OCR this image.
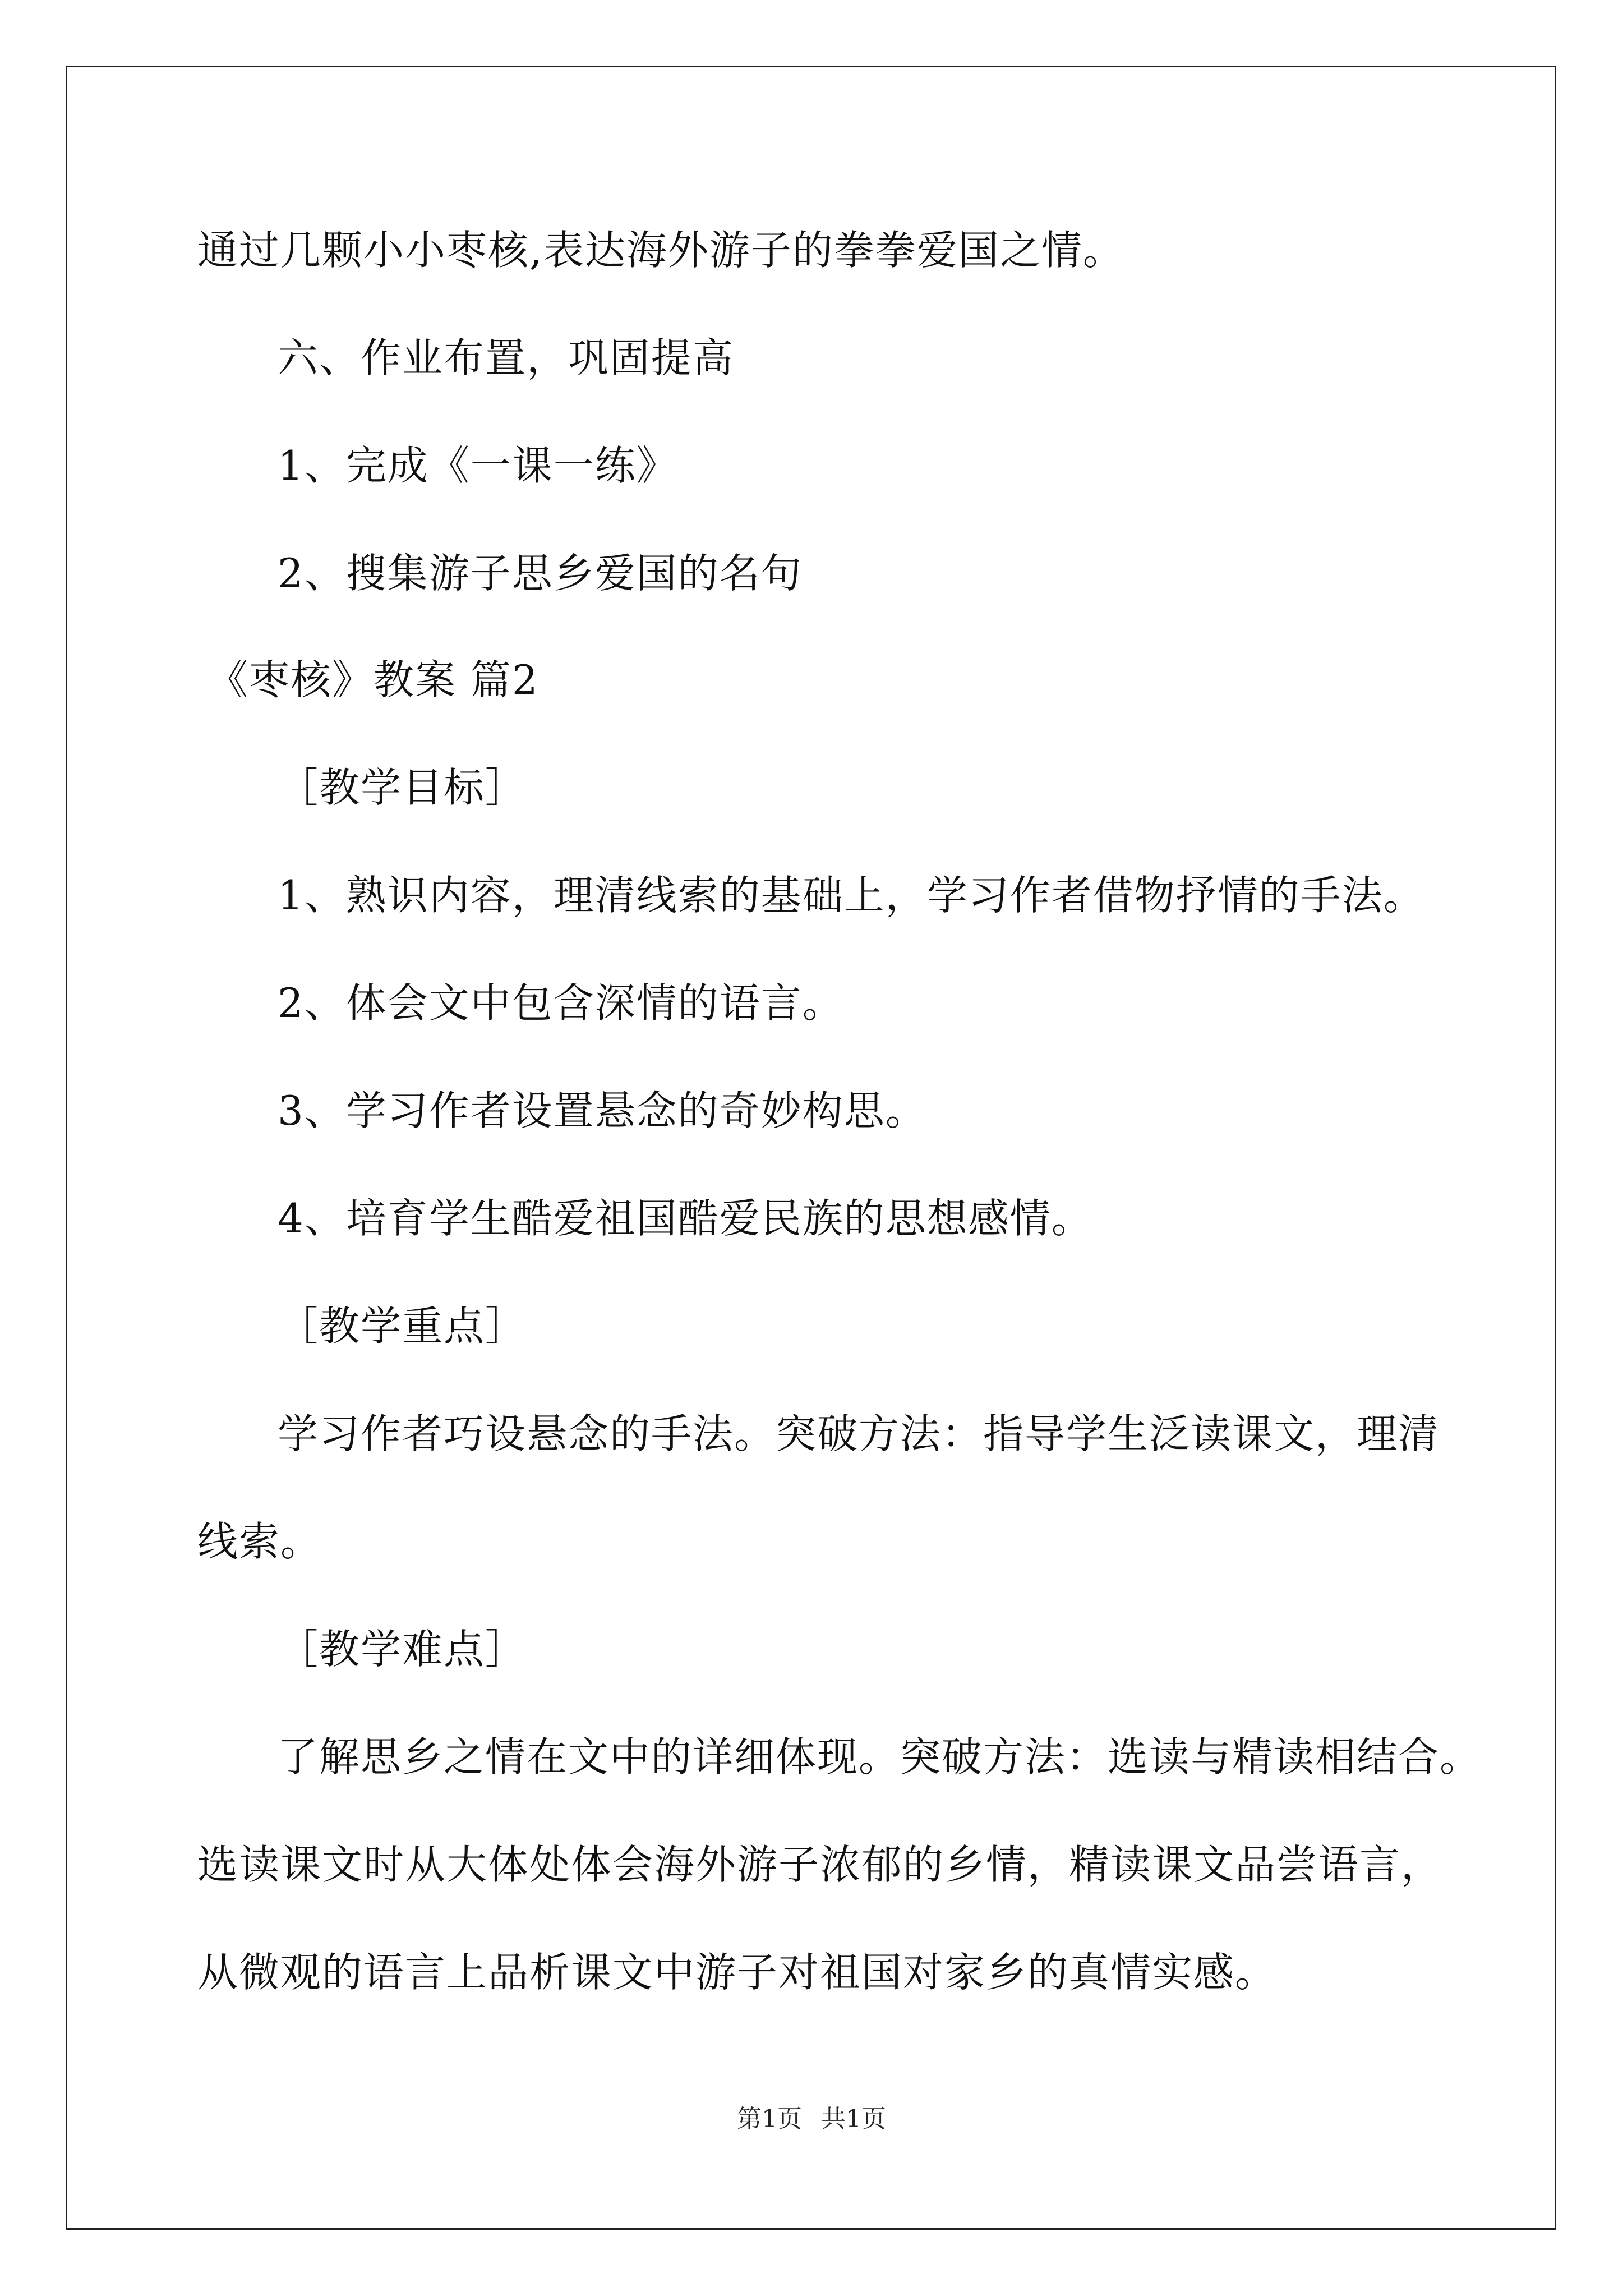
通过几颗小小枣核,表达海外游子的拳拳爱国之情。
六、作业布置，巩固提高
1、完成《一课一练》
2、搜集游子思乡爱国的名句
《枣核》教案 篇2
［教学目标］
1、熟识内容，理清线索的基础上，学习作者借物抒情的手法。
2、体会文中包含深情的语言。
3、学习作者设置悬念的奇妙构思。
4、培育学生酷爱祖国酷爱民族的思想感情。
［教学重点］
学习作者巧设悬念的手法。突破方法：指导学生泛读课文，理清
线索。
［教学难点］
了解思乡之情在文中的详细体现。突破方法：选读与精读相结合。
选读课文时从大体处体会海外游子浓郁的乡情，精读课文品尝语言，
从微观的语言上品析课文中游子对祖国对家乡的真情实感。
第1页 共1页
